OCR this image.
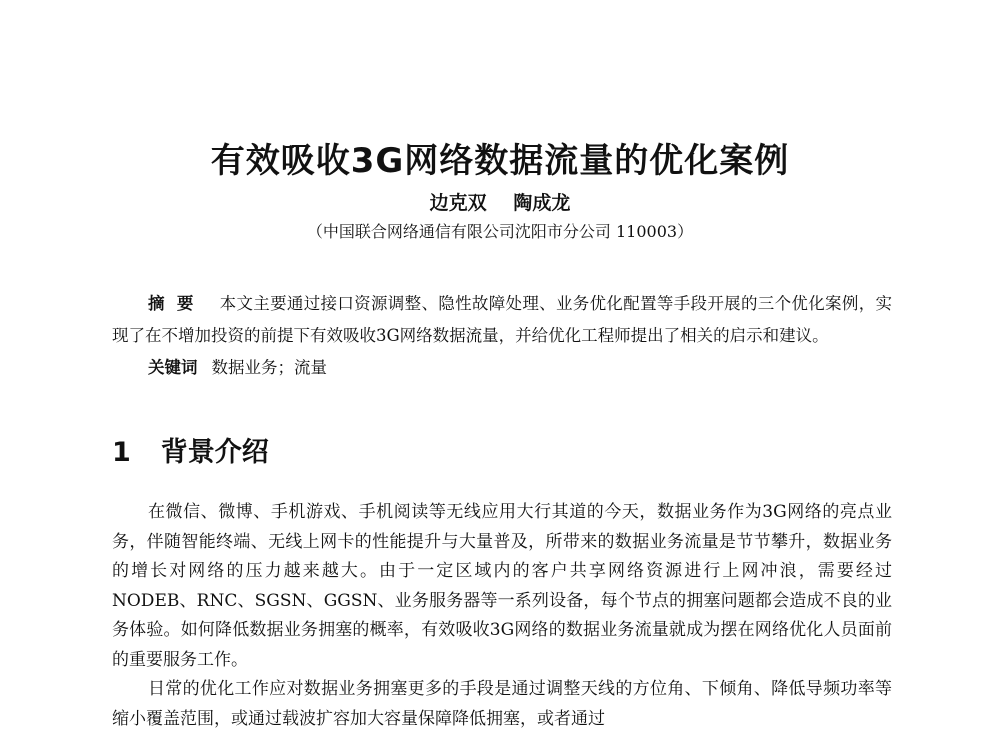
有效吸收3G网络数据流量的优化案例
边克双 陶成龙
（中国联合网络通信有限公司沈阳市分公司 110003）

摘要 本文主要通过接口资源调整、隐性故障处理、业务优化配置等手段开展的三个优化案例，实现了在不增加投资的前提下有效吸收3G网络数据流量，并给优化工程师提出了相关的启示和建议。

关键词 数据业务；流量

1 背景介绍

在微信、微博、手机游戏、手机阅读等无线应用大行其道的今天，数据业务作为3G网络的亮点业务，伴随智能终端、无线上网卡的性能提升与大量普及，所带来的数据业务流量是节节攀升，数据业务的增长对网络的压力越来越大。由于一定区域内的客户共享网络资源进行上网冲浪，需要经过NODEB、RNC、SGSN、GGSN、业务服务器等一系列设备，每个节点的拥塞问题都会造成不良的业务体验。如何降低数据业务拥塞的概率，有效吸收3G网络的数据业务流量就成为摆在网络优化人员面前的重要服务工作。

日常的优化工作应对数据业务拥塞更多的手段是通过调整天线的方位角、下倾角、降低导频功率等缩小覆盖范围，或通过载波扩容加大容量保障降低拥塞，或者通过
